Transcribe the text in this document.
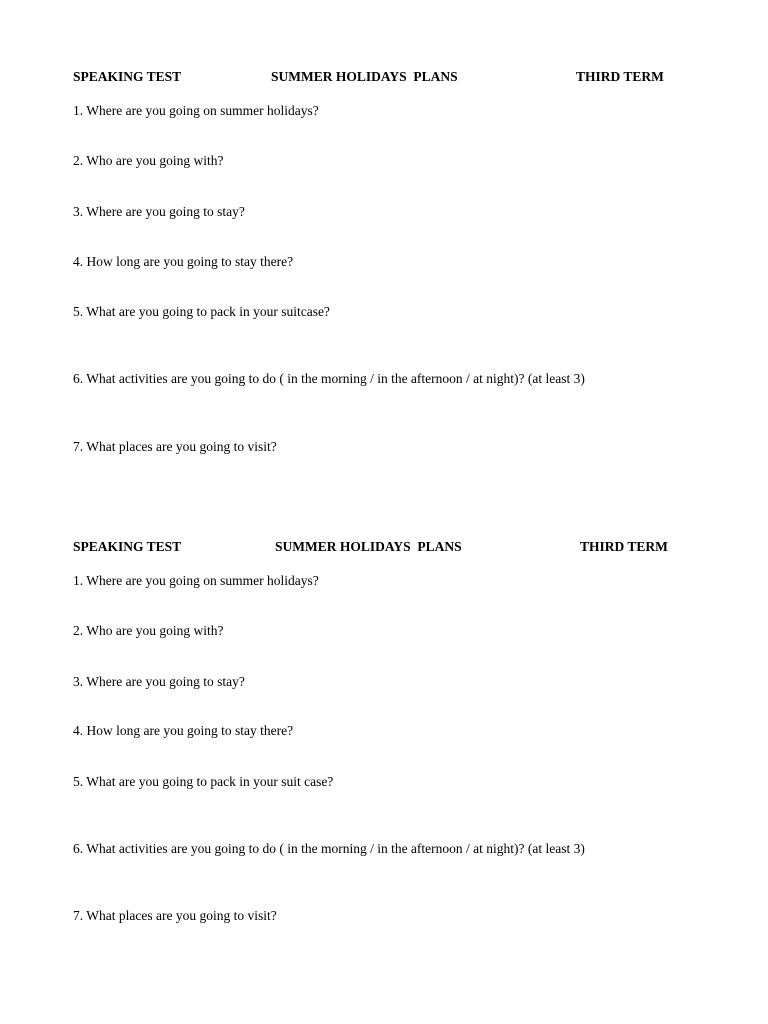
SPEAKING TEST	SUMMER HOLIDAYS  PLANS	THIRD TERM
1. Where are you going on summer holidays?
2. Who are you going with?
3. Where are you going to stay?
4. How long are you going to stay there?
5. What are you going to pack in your suitcase?
6. What activities are you going to do ( in the morning / in the afternoon / at night)? (at least 3)
7. What places are you going to visit?
SPEAKING TEST	SUMMER HOLIDAYS  PLANS	THIRD TERM
1. Where are you going on summer holidays?
2. Who are you going with?
3. Where are you going to stay?
4. How long are you going to stay there?
5. What are you going to pack in your suit case?
6. What activities are you going to do ( in the morning / in the afternoon / at night)? (at least 3)
7. What places are you going to visit?
